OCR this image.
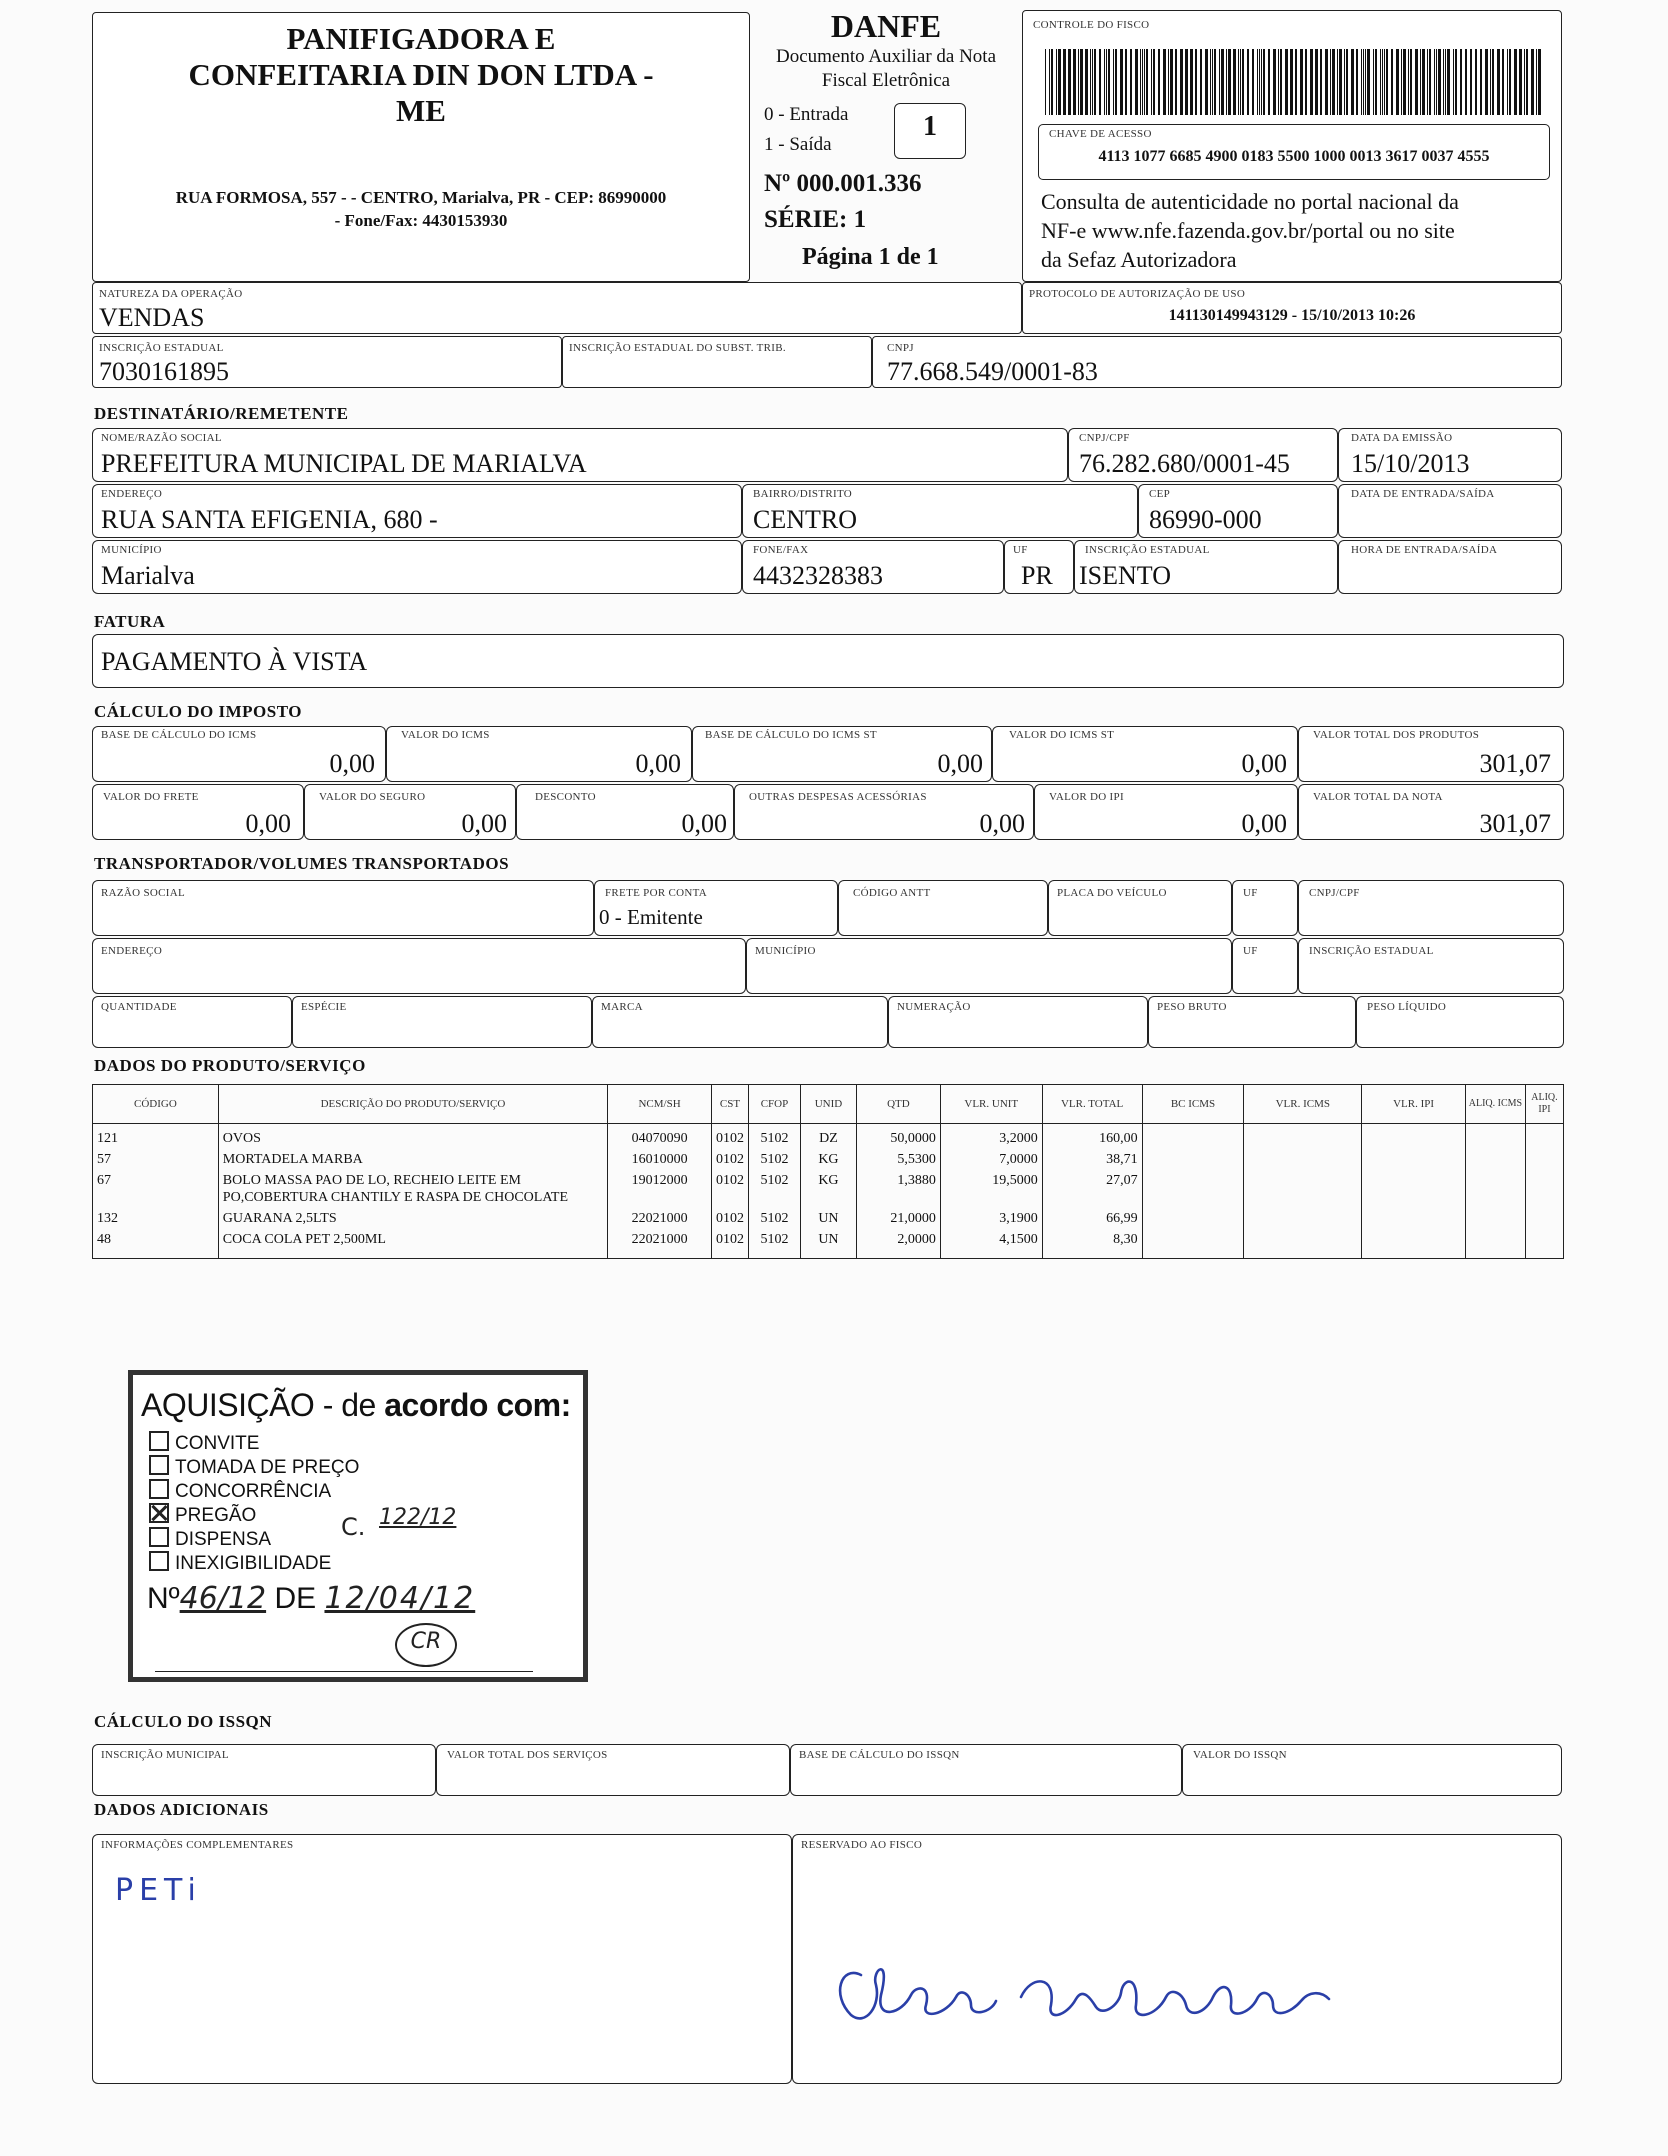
PANIFIGADORA E
CONFEITARIA DIN DON LTDA -
ME
RUA FORMOSA, 557 - - CENTRO, Marialva, PR - CEP: 86990000
- Fone/Fax: 4430153930
DANFE
Documento Auxiliar da Nota
Fiscal Eletrônica
0 - Entrada
1 - Saída
1
Nº 000.001.336
SÉRIE: 1
Página 1 de 1
CONTROLE DO FISCO
CHAVE DE ACESSO
4113 1077 6685 4900 0183 5500 1000 0013 3617 0037 4555
Consulta de autenticidade no portal nacional da
NF-e www.nfe.fazenda.gov.br/portal ou no site
da Sefaz Autorizadora
NATUREZA DA OPERAÇÃO
VENDAS
PROTOCOLO DE AUTORIZAÇÃO DE USO
141130149943129 - 15/10/2013 10:26
INSCRIÇÃO ESTADUAL
7030161895
INSCRIÇÃO ESTADUAL DO SUBST. TRIB.	CNPJ
77.668.549/0001-83
DESTINATÁRIO/REMETENTE
NOME/RAZÃO SOCIAL
PREFEITURA MUNICIPAL DE MARIALVA
CNPJ/CPF
76.282.680/0001-45
DATA DA EMISSÃO
15/10/2013
ENDEREÇO
RUA SANTA EFIGENIA, 680 -
BAIRRO/DISTRITO
CENTRO
CEP
86990-000
DATA DE ENTRADA/SAÍDA
MUNICÍPIO
Marialva
FONE/FAX
4432328383
UF
PR
INSCRIÇÃO ESTADUAL
ISENTO
HORA DE ENTRADA/SAÍDA
FATURA
PAGAMENTO À VISTA
CÁLCULO DO IMPOSTO
BASE DE CÁLCULO DO ICMS
0,00
VALOR DO ICMS
0,00
BASE DE CÁLCULO DO ICMS ST
0,00
VALOR DO ICMS ST
0,00
VALOR TOTAL DOS PRODUTOS
301,07
VALOR DO FRETE
0,00
VALOR DO SEGURO
0,00
DESCONTO
0,00
OUTRAS DESPESAS ACESSÓRIAS
0,00
VALOR DO IPI
0,00
VALOR TOTAL DA NOTA
301,07
TRANSPORTADOR/VOLUMES TRANSPORTADOS
RAZÃO SOCIAL	FRETE POR CONTA
0 - Emitente
CÓDIGO ANTT	PLACA DO VEÍCULO	UF	CNPJ/CPF
ENDEREÇO	MUNICÍPIO	UF	INSCRIÇÃO ESTADUAL
QUANTIDADE	ESPÉCIE	MARCA	NUMERAÇÃO	PESO BRUTO	PESO LÍQUIDO
DADOS DO PRODUTO/SERVIÇO
CÓDIGO	DESCRIÇÃO DO PRODUTO/SERVIÇO	NCM/SH	CST	CFOP	UNID	QTD	VLR. UNIT	VLR. TOTAL	BC ICMS	VLR. ICMS	VLR. IPI	ALIQ. ICMS	ALIQ. IPI
121	OVOS	04070090	0102	5102	DZ	50,0000	3,2000	160,00					
57	MORTADELA MARBA	16010000	0102	5102	KG	5,5300	7,0000	38,71					
67	BOLO MASSA PAO DE LO, RECHEIO LEITE EM PO,COBERTURA CHANTILY E RASPA DE CHOCOLATE	19012000	0102	5102	KG	1,3880	19,5000	27,07					
132	GUARANA 2,5LTS	22021000	0102	5102	UN	21,0000	3,1900	66,99					
48	COCA COLA PET 2,500ML	22021000	0102	5102	UN	2,0000	4,1500	8,30					

AQUISIÇÃO - de acordo com:
CONVITE
TOMADA DE PREÇO
CONCORRÊNCIA
PREGÃO
DISPENSA
INEXIGIBILIDADE
C. 122/12
Nº46/12 DE 12/04/12
CR
CÁLCULO DO ISSQN
INSCRIÇÃO MUNICIPAL	VALOR TOTAL DOS SERVIÇOS	BASE DE CÁLCULO DO ISSQN	VALOR DO ISSQN
DADOS ADICIONAIS
INFORMAÇÕES COMPLEMENTARES
PETi
RESERVADO AO FISCO
Clelia Andrade
